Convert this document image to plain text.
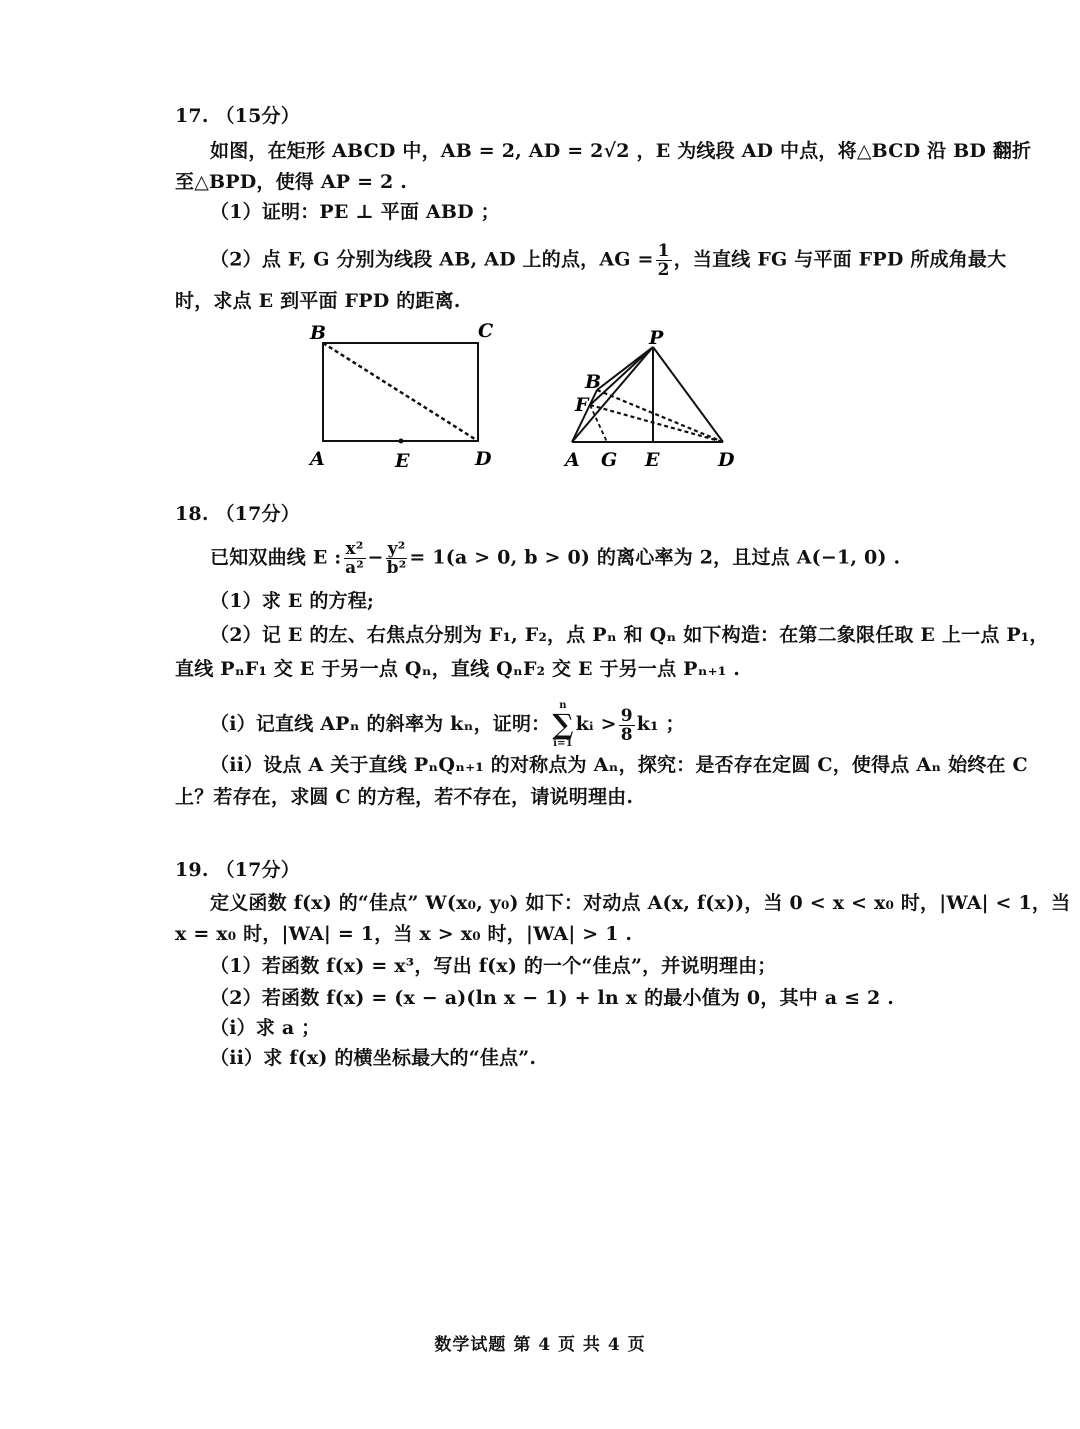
17. （15分）
如图，在矩形 ABCD 中，AB = 2, AD = 2√2 ，E 为线段 AD 中点，将△BCD 沿 BD 翻折
至△BPD，使得 AP = 2 .
（1）证明：PE ⊥ 平面 ABD ；
（2）点 F, G 分别为线段 AB, AD 上的点，AG = $\frac{1}{2}$ ，当直线 FG 与平面 FPD 所成角最大
时，求点 E 到平面 FPD 的距离.
B	C
A	E	D
P
B
F
A G E	D
18. （17分）
已知双曲线 E : $\frac{\text{x²}}{\text{a²}} - \frac{\text{y²}}{\text{b²}} = 1(a > 0$, b > 0) 的离心率为 2，且过点 A(−1, 0) .
（1）求 E 的方程;
（2）记 E 的左、右焦点分别为 F₁, F₂，点 Pₙ 和 Qₙ 如下构造：在第二象限任取 E 上一点 P₁，
直线 PₙF₁ 交 E 于另一点 Qₙ，直线 QₙF₂ 交 E 于另一点 Pₙ₊₁ .
（i）记直线 APₙ 的斜率为 kₙ，证明：
n
∑
i=1
kᵢ > $\frac{9}{8} k_1$ ；
（ii）设点 A 关于直线 PₙQₙ₊₁ 的对称点为 Aₙ，探究：是否存在定圆 C，使得点 Aₙ 始终在 C
上？若存在，求圆 C 的方程，若不存在，请说明理由.
19. （17分）
定义函数 f(x) 的“佳点” W(x₀, y₀) 如下：对动点 A(x, f(x))，当 0 < x < x₀ 时，|WA| < 1，当
x = x₀ 时，|WA| = 1，当 x > x₀ 时，|WA| > 1 .
（1）若函数 f(x) = x³，写出 f(x) 的一个“佳点”，并说明理由；
（2）若函数 f(x) = (x − a)(ln x − 1) + ln x 的最小值为 0，其中 a ≤ 2 .
（i）求 a ；
（ii）求 f(x) 的横坐标最大的“佳点”.
数学试题 第 4 页 共 4 页
